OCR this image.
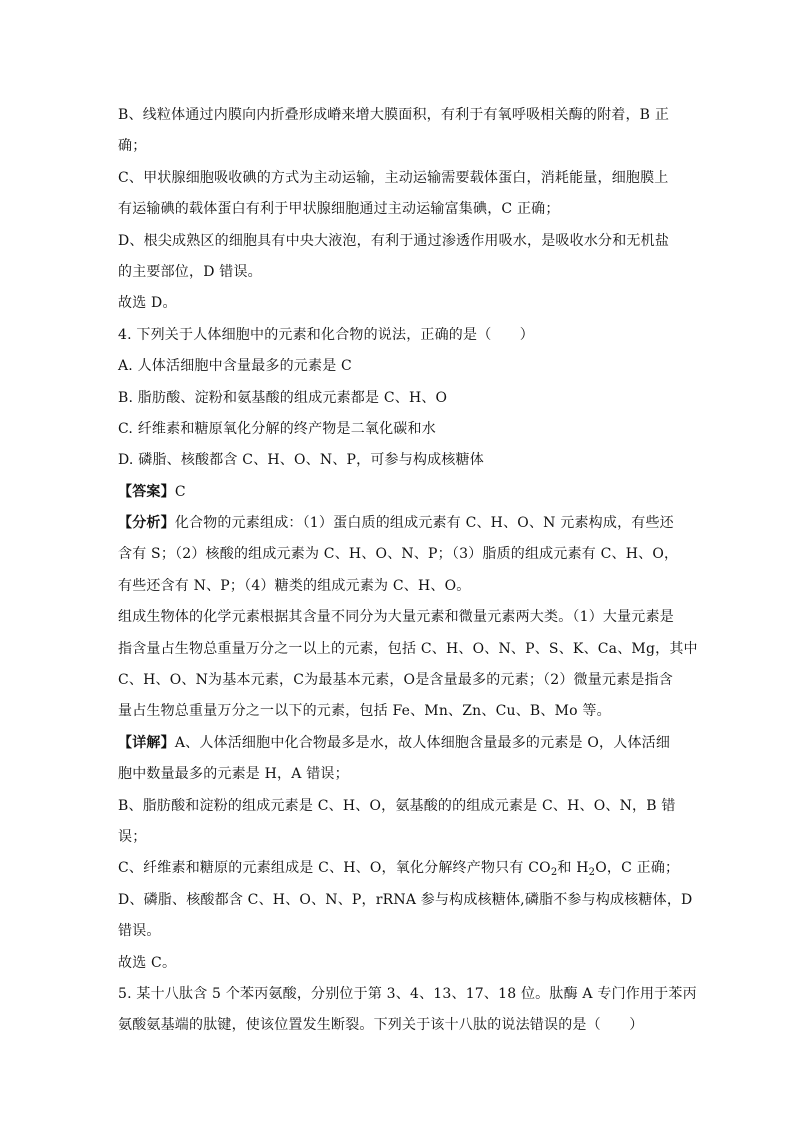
B、线粒体通过内膜向内折叠形成嵴来增大膜面积，有利于有氧呼吸相关酶的附着，B 正
确；
C、甲状腺细胞吸收碘的方式为主动运输，主动运输需要载体蛋白，消耗能量，细胞膜上
有运输碘的载体蛋白有利于甲状腺细胞通过主动运输富集碘，C 正确；
D、根尖成熟区的细胞具有中央大液泡，有利于通过渗透作用吸水，是吸收水分和无机盐
的主要部位，D 错误。
故选 D。
4. 下列关于人体细胞中的元素和化合物的说法，正确的是（　　）
A. 人体活细胞中含量最多的元素是 C
B. 脂肪酸、淀粉和氨基酸的组成元素都是 C、H、O
C. 纤维素和糖原氧化分解的终产物是二氧化碳和水
D. 磷脂、核酸都含 C、H、O、N、P，可参与构成核糖体
【答案】C
【分析】化合物的元素组成：（1）蛋白质的组成元素有 C、H、O、N 元素构成，有些还
含有 S；（2）核酸的组成元素为 C、H、O、N、P；（3）脂质的组成元素有 C、H、O，
有些还含有 N、P；（4）糖类的组成元素为 C、H、O。
组成生物体的化学元素根据其含量不同分为大量元素和微量元素两大类。（1）大量元素是
指含量占生物总重量万分之一以上的元素，包括 C、H、O、N、P、S、K、Ca、Mg，其中
C、H、O、N为基本元素，C为最基本元素，O是含量最多的元素；（2）微量元素是指含
量占生物总重量万分之一以下的元素，包括 Fe、Mn、Zn、Cu、B、Mo 等。
【详解】A、人体活细胞中化合物最多是水，故人体细胞含量最多的元素是 O，人体活细
胞中数量最多的元素是 H，A 错误；
B、脂肪酸和淀粉的组成元素是 C、H、O，氨基酸的的组成元素是 C、H、O、N，B 错
误；
C、纤维素和糖原的元素组成是 C、H、O，氧化分解终产物只有 $CO_2$和 $H_2O$，C 正确；
D、磷脂、核酸都含 C、H、O、N、P，rRNA 参与构成核糖体,磷脂不参与构成核糖体，D
错误。
故选 C。
5. 某十八肽含 5 个苯丙氨酸，分别位于第 3、4、13、17、18 位。肽酶 A 专门作用于苯丙
氨酸氨基端的肽键，使该位置发生断裂。下列关于该十八肽的说法错误的是（　　）
